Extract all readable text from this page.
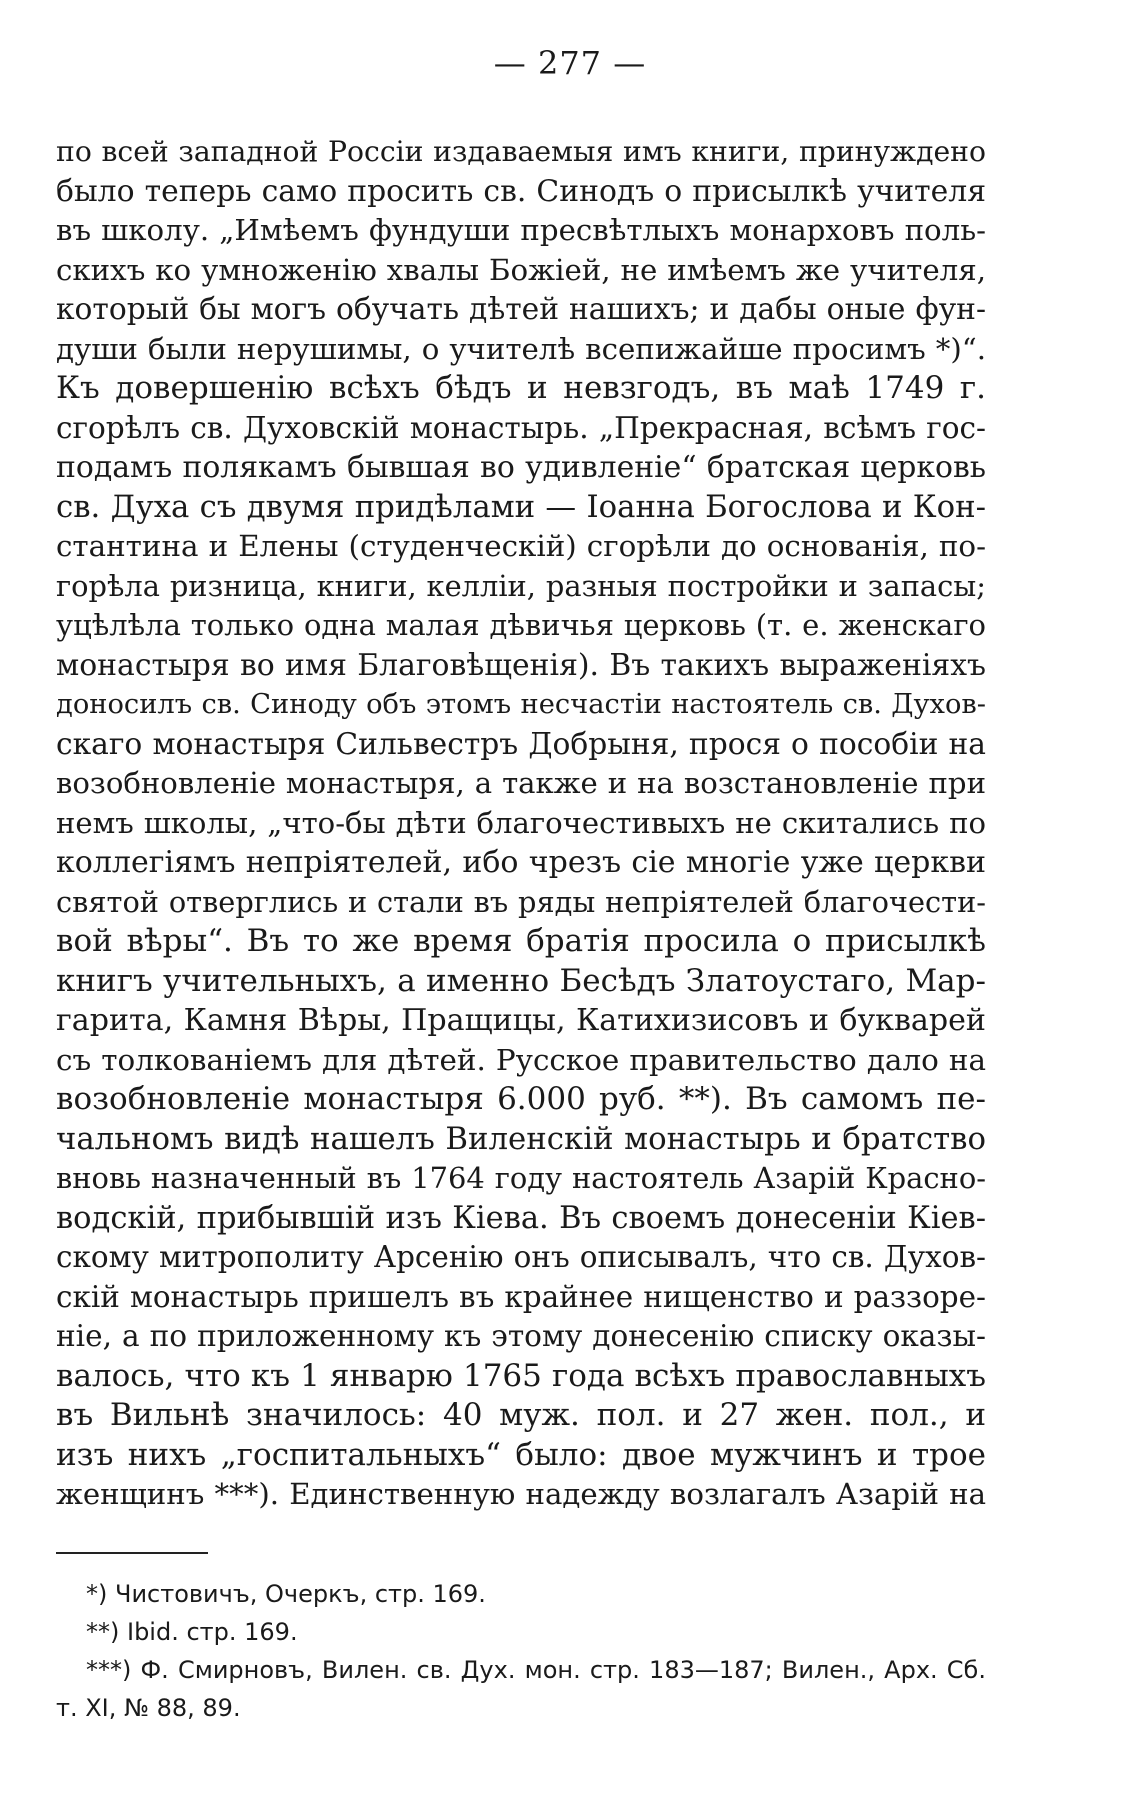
— 277 —
по всей западной Россіи издаваемыя имъ книги, принуждено
было теперь само просить св. Синодъ о присылкѣ учителя
въ школу. „Имѣемъ фундуши пресвѣтлыхъ монарховъ поль-
скихъ ко умноженію хвалы Божіей, не имѣемъ же учителя,
который бы могъ обучать дѣтей нашихъ; и дабы оные фун-
души были нерушимы, о учителѣ всепижайше просимъ *)“.
Къ довершенію всѣхъ бѣдъ и невзгодъ, въ маѣ 1749 г.
сгорѣлъ св. Духовскій монастырь. „Прекрасная, всѣмъ гос-
подамъ полякамъ бывшая во удивленіе“ братская церковь
св. Духа съ двумя придѣлами — Іоанна Богослова и Кон-
стантина и Елены (студенческій) сгорѣли до основанія, по-
горѣла ризница, книги, келліи, разныя постройки и запасы;
уцѣлѣла только одна малая дѣвичья церковь (т. е. женскаго
монастыря во имя Благовѣщенія). Въ такихъ выраженіяхъ
доносилъ св. Синоду объ этомъ несчастіи настоятель св. Духов-
скаго монастыря Сильвестръ Добрыня, прося о пособіи на
возобновленіе монастыря, а также и на возстановленіе при
немъ школы, „что-бы дѣти благочестивыхъ не скитались по
коллегіямъ непріятелей, ибо чрезъ сіе многіе уже церкви
святой отверглись и стали въ ряды непріятелей благочести-
вой вѣры“. Въ то же время братія просила о присылкѣ
книгъ учительныхъ, а именно Бесѣдъ Златоустаго, Мар-
гарита, Камня Вѣры, Пращицы, Катихизисовъ и букварей
съ толкованіемъ для дѣтей. Русское правительство дало на
возобновленіе монастыря 6.000 руб. **). Въ самомъ пе-
чальномъ видѣ нашелъ Виленскій монастырь и братство
вновь назначенный въ 1764 году настоятель Азарій Красно-
водскій, прибывшій изъ Кіева. Въ своемъ донесеніи Кіев-
скому митрополиту Арсенію онъ описывалъ, что св. Духов-
скій монастырь пришелъ въ крайнее нищенство и раззоре-
ніе, а по приложенному къ этому донесенію списку оказы-
валось, что къ 1 январю 1765 года всѣхъ православныхъ
въ Вильнѣ значилось: 40 муж. пол. и 27 жен. пол., и
изъ нихъ „госпитальныхъ“ было: двое мужчинъ и трое
женщинъ ***). Единственную надежду возлагалъ Азарій на
*) Чистовичъ, Очеркъ, стр. 169.
**) Ibid. стр. 169.
***) Ф. Смирновъ, Вилен. св. Дух. мон. стр. 183—187; Вилен., Арх. Сб.
т. XI, № 88, 89.
